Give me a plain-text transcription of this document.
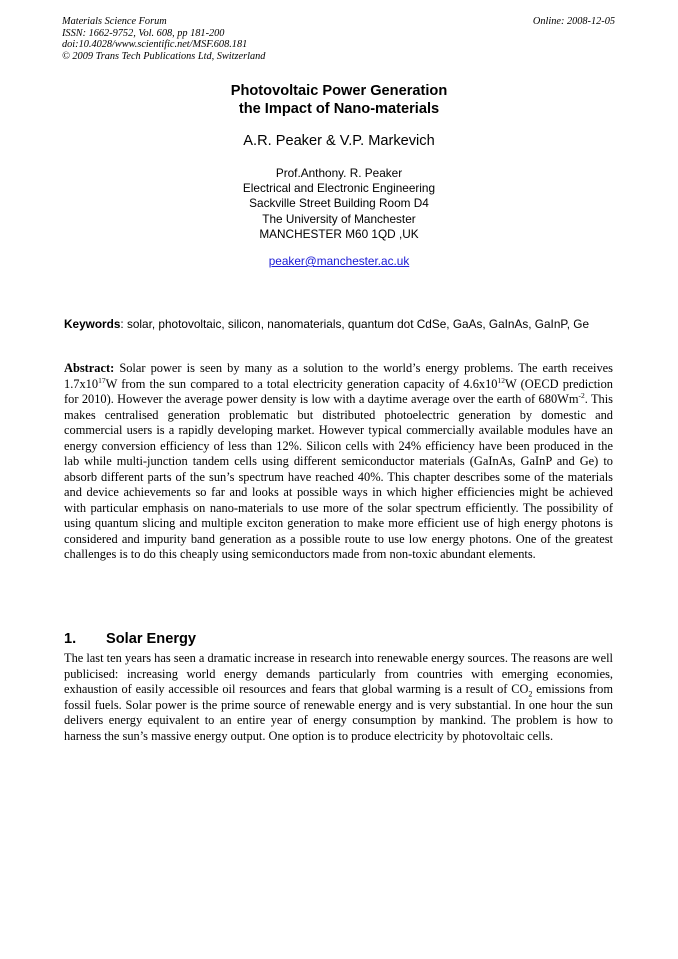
Materials Science Forum
ISSN: 1662-9752, Vol. 608, pp 181-200
doi:10.4028/www.scientific.net/MSF.608.181
© 2009 Trans Tech Publications Ltd, Switzerland
Online: 2008-12-05
Photovoltaic Power Generation
the Impact of Nano-materials
A.R. Peaker & V.P. Markevich
Prof.Anthony. R. Peaker
Electrical and Electronic Engineering
Sackville Street Building Room D4
The University of Manchester
MANCHESTER M60 1QD ,UK
peaker@manchester.ac.uk
Keywords: solar, photovoltaic, silicon, nanomaterials, quantum dot CdSe, GaAs, GaInAs, GaInP, Ge
Abstract: Solar power is seen by many as a solution to the world’s energy problems. The earth receives $1.7x10^{17}W$ from the sun compared to a total electricity generation capacity of $4.6x10^{12}W$ (OECD prediction for 2010). However the average power density is low with a daytime average over the earth of $680Wm^{-2}$. This makes centralised generation problematic but distributed photoelectric generation by domestic and commercial users is a rapidly developing market. However typical commercially available modules have an energy conversion efficiency of less than 12%. Silicon cells with 24% efficiency have been produced in the lab while multi-junction tandem cells using different semiconductor materials (GaInAs, GaInP and Ge) to absorb different parts of the sun’s spectrum have reached 40%. This chapter describes some of the materials and device achievements so far and looks at possible ways in which higher efficiencies might be achieved with particular emphasis on nano-materials to use more of the solar spectrum efficiently. The possibility of using quantum slicing and multiple exciton generation to make more efficient use of high energy photons is considered and impurity band generation as a possible route to use low energy photons. One of the greatest challenges is to do this cheaply using semiconductors made from non-toxic abundant elements.
1. Solar Energy
The last ten years has seen a dramatic increase in research into renewable energy sources. The reasons are well publicised: increasing world energy demands particularly from countries with emerging economies, exhaustion of easily accessible oil resources and fears that global warming is a result of $CO_2$ emissions from fossil fuels. Solar power is the prime source of renewable energy and is very substantial. In one hour the sun delivers energy equivalent to an entire year of energy consumption by mankind. The problem is how to harness the sun’s massive energy output. One option is to produce electricity by photovoltaic cells.
